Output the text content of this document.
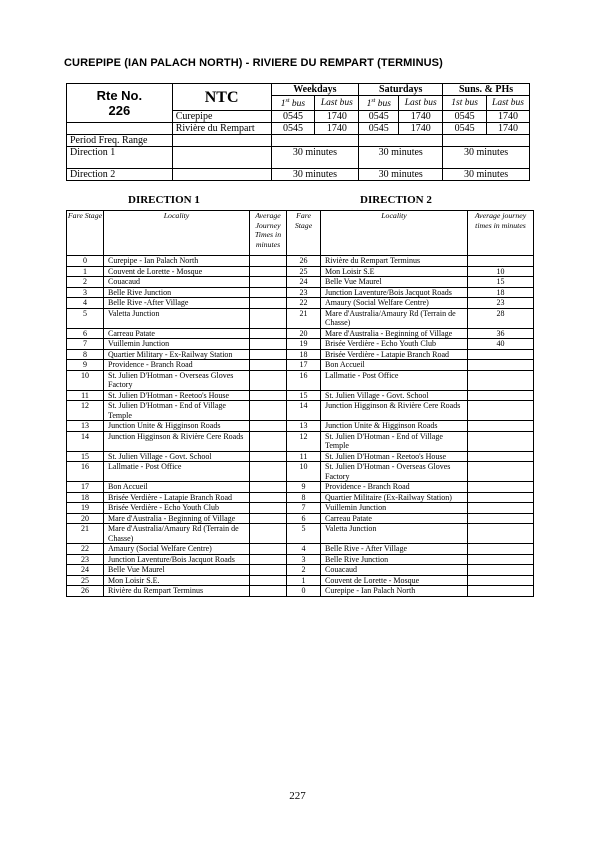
CUREPIPE (IAN PALACH NORTH) - RIVIERE DU REMPART (TERMINUS)
Rte No.
226	NTC	Weekdays		Saturdays		Suns. & PHs	
		1st bus	Last bus	1st bus	Last bus	1st bus	Last bus
	Curepipe	0545	1740	0545	1740	0545	1740
	Rivière du Rempart	0545	1740	0545	1740	0545	1740
Period Freq. Range							
Direction 1		30 minutes		30 minutes		30 minutes	
Direction 2		30 minutes		30 minutes		30 minutes	
DIRECTION 1	DIRECTION 2
Fare Stage	Locality	Average Journey Times in minutes	Fare Stage	Locality	Average journey times in minutes
0	Curepipe - Ian Palach North		26	Rivière du Rempart Terminus	
1	Couvent de Lorette - Mosque		25	Mon Loisir S.E	10
2	Couacaud		24	Belle Vue Maurel	15
3	Belle Rive Junction		23	Junction Laventure/Bois Jacquot Roads	18
4	Belle Rive -After Village		22	Amaury (Social Welfare Centre)	23
5	Valetta Junction		21	Mare d'Australia/Amaury Rd (Terrain de Chasse)	28
6	Carreau Patate		20	Mare d'Australia - Beginning of Village	36
7	Vuillemin Junction		19	Brisée Verdière - Echo Youth Club	40
8	Quartier Military - Ex-Railway Station		18	Brisée Verdière - Latapie Branch Road	
9	Providence - Branch Road		17	Bon Accueil	
10	St. Julien D'Hotman - Overseas Gloves Factory		16	Lallmatie - Post Office	
11	St. Julien D'Hotman - Reetoo's House		15	St. Julien Village - Govt. School	
12	St. Julien D'Hotman - End of Village Temple		14	Junction Higginson & Rivière Cere Roads	
13	Junction Unite & Higginson Roads		13	Junction Unite & Higginson Roads	
14	Junction Higginson & Rivière Cere Roads		12	St. Julien D'Hotman - End of Village Temple	
15	St. Julien Village - Govt. School		11	St. Julien D'Hotman - Reetoo's House	
16	Lallmatie - Post Office		10	St. Julien D'Hotman - Overseas Gloves Factory	
17	Bon Accueil		9	Providence - Branch Road	
18	Brisée Verdière - Latapie Branch Road		8	Quartier Militaire (Ex-Railway Station)	
19	Brisée Verdière - Echo Youth Club		7	Vuillemin Junction	
20	Mare d'Australia - Beginning of Village		6	Carreau Patate	
21	Mare d'Australia/Amaury Rd (Terrain de Chasse)		5	Valetta Junction	
22	Amaury (Social Welfare Centre)		4	Belle Rive - After Village	
23	Junction Laventure/Bois Jacquot Roads		3	Belle Rive Junction	
24	Belle Vue Maurel		2	Couacaud	
25	Mon Loisir S.E.		1	Couvent de Lorette - Mosque	
26	Rivière du Rempart Terminus		0	Curepipe - Ian Palach North	
227
